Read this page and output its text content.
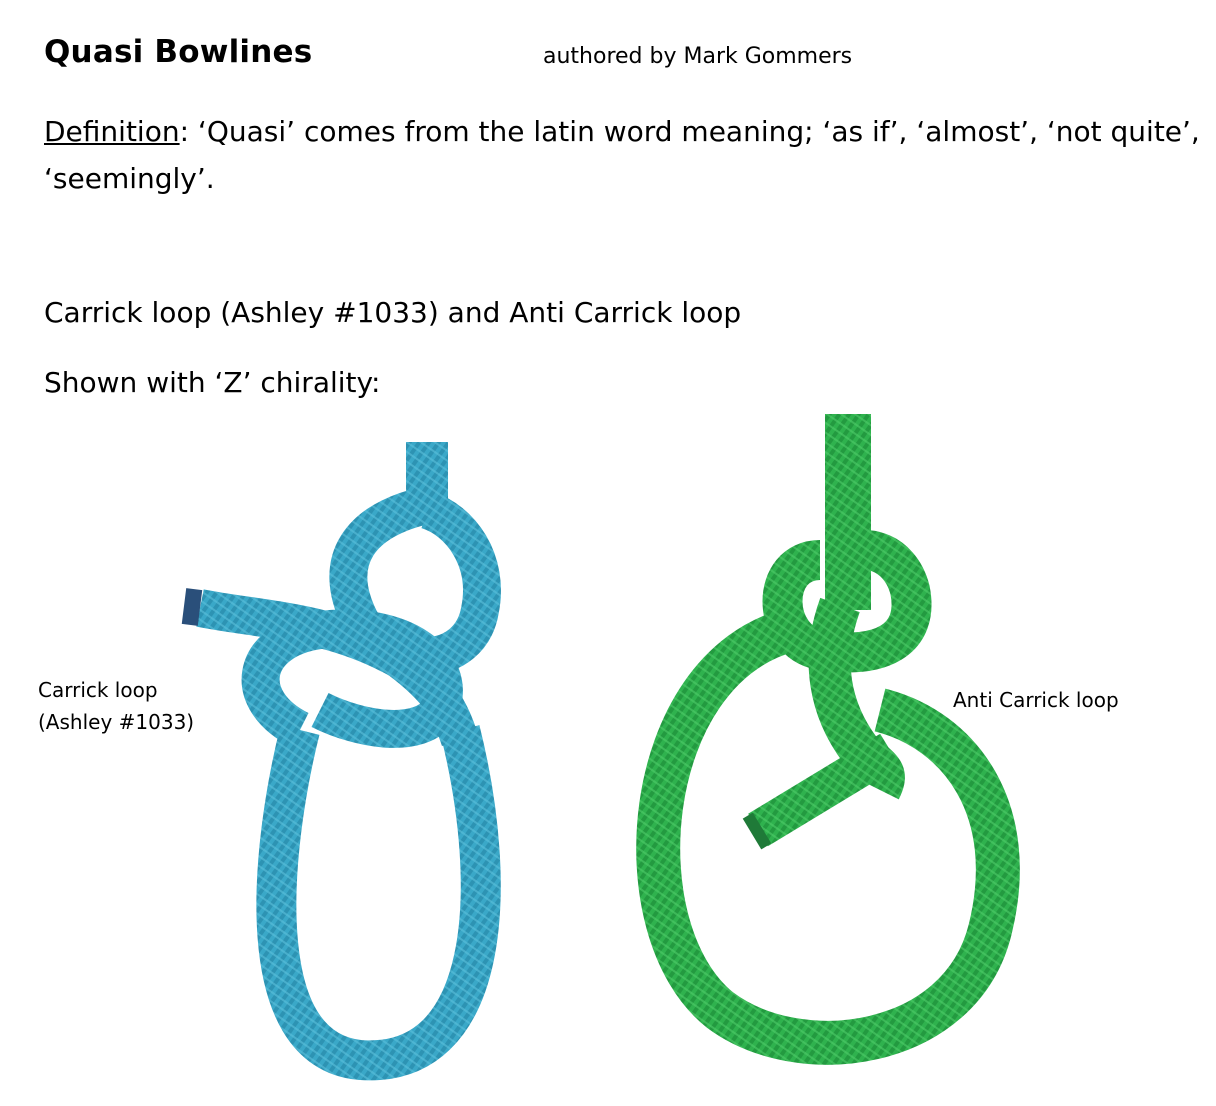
Quasi Bowlines	authored by Mark Gommers

Definition: ‘Quasi’ comes from the latin word meaning; ‘as if’, ‘almost’, ‘not quite’, ‘seemingly’.

Carrick loop (Ashley #1033) and Anti Carrick loop

Shown with ‘Z’ chirality:

Carrick loop
(Ashley #1033)
Anti Carrick loop
